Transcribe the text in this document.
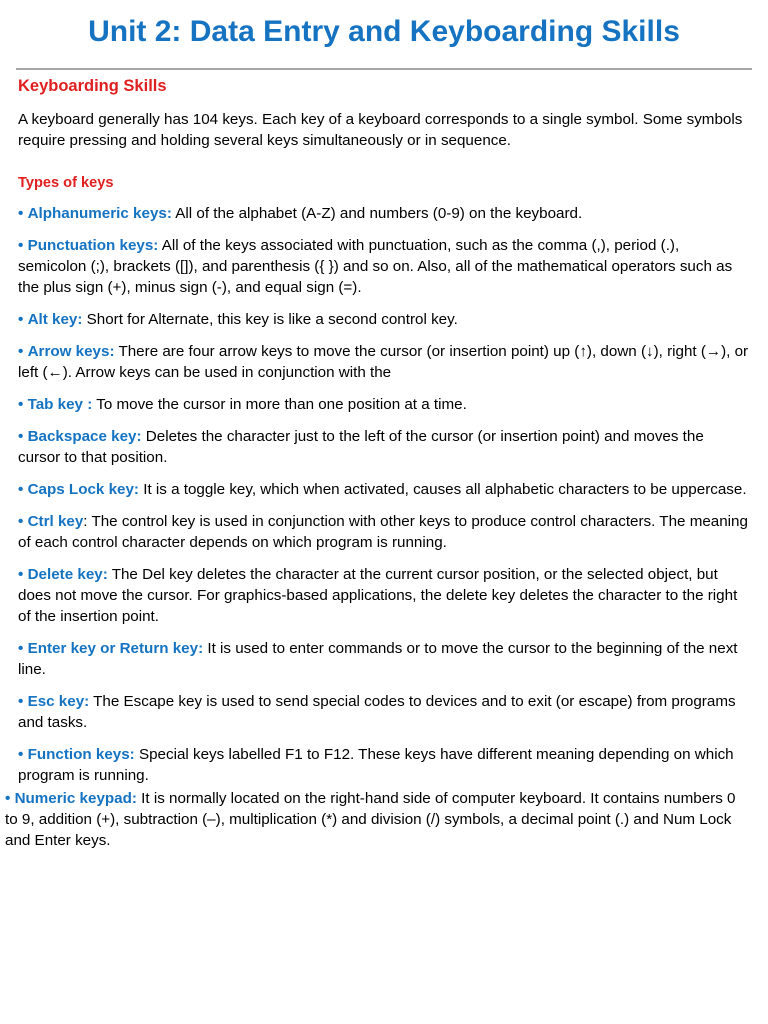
Unit 2: Data Entry and Keyboarding Skills
Keyboarding Skills

A keyboard generally has 104 keys. Each key of a keyboard corresponds to a single symbol. Some symbols require pressing and holding several keys simultaneously or in sequence.

Types of keys
• Alphanumeric keys: All of the alphabet (A-Z) and numbers (0-9) on the keyboard.
• Punctuation keys: All of the keys associated with punctuation, such as the comma (,), period (.), semicolon (;), brackets ([]), and parenthesis ({ }) and so on. Also, all of the mathematical operators such as the plus sign (+), minus sign (-), and equal sign (=).
• Alt key: Short for Alternate, this key is like a second control key.
• Arrow keys: There are four arrow keys to move the cursor (or insertion point) up (↑), down (↓), right (→), or left (←). Arrow keys can be used in conjunction with the
• Tab key : To move the cursor in more than one position at a time.
• Backspace key: Deletes the character just to the left of the cursor (or insertion point) and moves the cursor to that position.
• Caps Lock key: It is a toggle key, which when activated, causes all alphabetic characters to be uppercase.
• Ctrl key: The control key is used in conjunction with other keys to produce control characters. The meaning of each control character depends on which program is running.
• Delete key: The Del key deletes the character at the current cursor position, or the selected object, but does not move the cursor. For graphics-based applications, the delete key deletes the character to the right of the insertion point.
• Enter key or Return key: It is used to enter commands or to move the cursor to the beginning of the next line.
• Esc key: The Escape key is used to send special codes to devices and to exit (or escape) from programs and tasks.
• Function keys: Special keys labelled F1 to F12. These keys have different meaning depending on which program is running.
• Numeric keypad: It is normally located on the right-hand side of computer keyboard. It contains numbers 0 to 9, addition (+), subtraction (–), multiplication (*) and division (/) symbols, a decimal point (.) and Num Lock and Enter keys.
